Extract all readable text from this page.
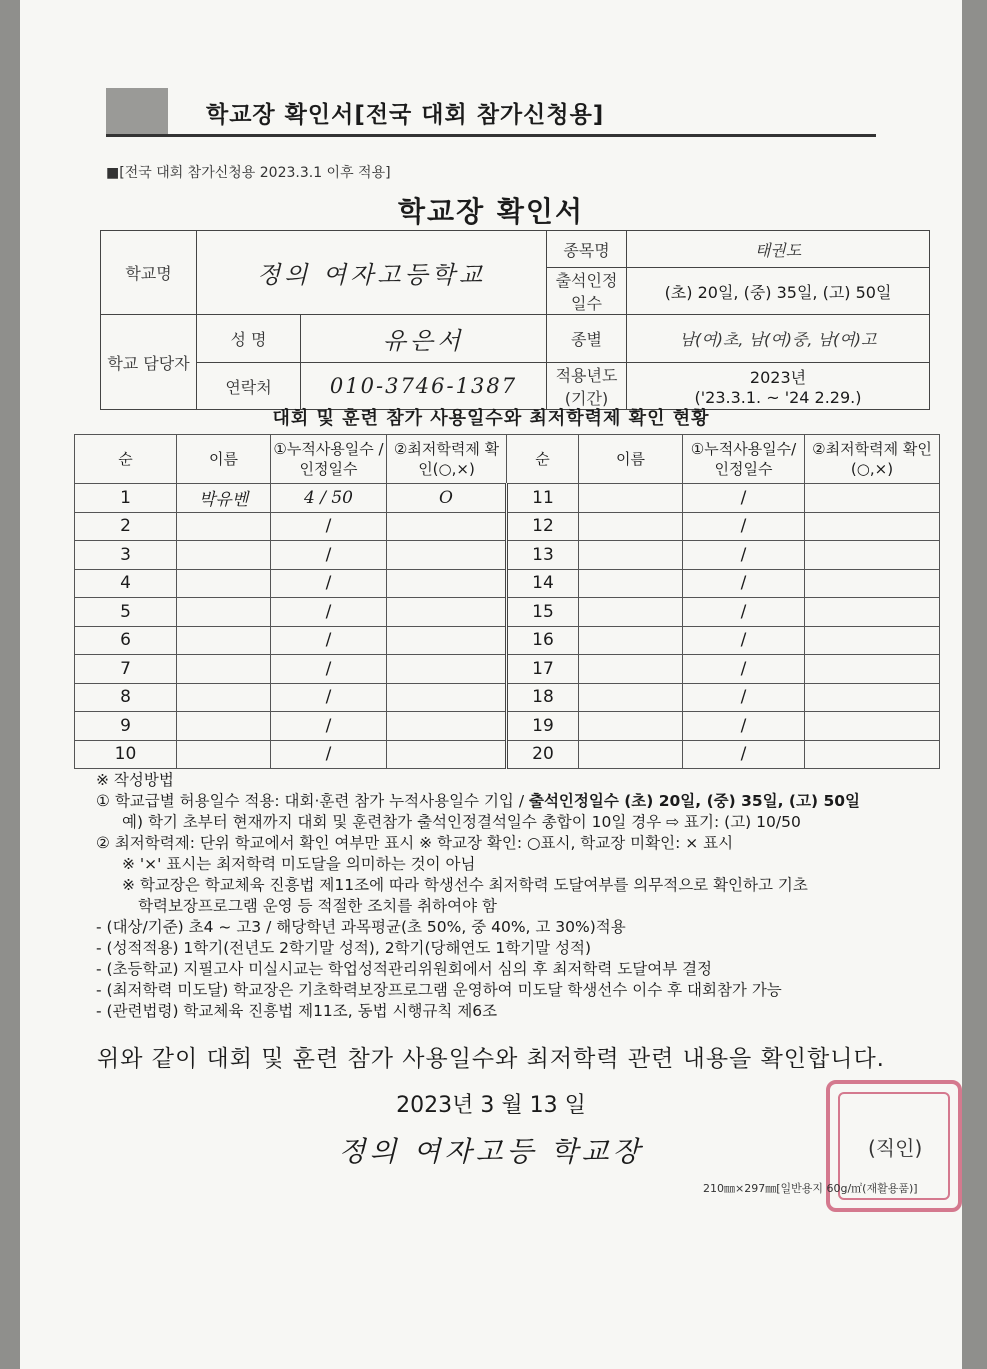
학교장 확인서[전국 대회 참가신청용]
■[전국 대회 참가신청용 2023.3.1 이후 적용]
학교장 확인서
학교명	정의 여자고등학교		종목명	태권도
			출석인정 일수	(초) 20일, (중) 35일, (고) 50일
학교 담당자	성 명	유은서	종별	남(여)초, 남(여)중, 남(여)고
	연락처	010-3746-1387	적용년도 (기간)	2023년
('23.3.1. ~ '24 2.29.)
대회 및 훈련 참가 사용일수와 최저학력제 확인 현황
순	이름	①누적사용일수 /인정일수	②최저학력제 확인(○,×)	순	이름	①누적사용일수/ 인정일수	②최저학력제 확인(○,×)
1	박유벤	4 / 50	O	11		/	
2		/		12		/	
3		/		13		/	
4		/		14		/	
5		/		15		/	
6		/		16		/	
7		/		17		/	
8		/		18		/	
9		/		19		/	
10		/		20		/	
※ 작성방법
① 학교급별 허용일수 적용: 대회·훈련 참가 누적사용일수 기입 / 출석인정일수 (초) 20일, (중) 35일, (고) 50일
예) 학기 초부터 현재까지 대회 및 훈련참가 출석인정결석일수 총합이 10일 경우 ⇨ 표기: (고) 10/50
② 최저학력제: 단위 학교에서 확인 여부만 표시 ※ 학교장 확인: ○표시, 학교장 미확인: × 표시
※ '×' 표시는 최저학력 미도달을 의미하는 것이 아님
※ 학교장은 학교체육 진흥법 제11조에 따라 학생선수 최저학력 도달여부를 의무적으로 확인하고 기초
학력보장프로그램 운영 등 적절한 조치를 취하여야 함
- (대상/기준) 초4 ~ 고3 / 해당학년 과목평균(초 50%, 중 40%, 고 30%)적용
- (성적적용) 1학기(전년도 2학기말 성적), 2학기(당해연도 1학기말 성적)
- (초등학교) 지필고사 미실시교는 학업성적관리위원회에서 심의 후 최저학력 도달여부 결정
- (최저학력 미도달) 학교장은 기초학력보장프로그램 운영하여 미도달 학생선수 이수 후 대회참가 가능
- (관련법령) 학교체육 진흥법 제11조, 동법 시행규칙 제6조
위와 같이 대회 및 훈련 참가 사용일수와 최저학력 관련 내용을 확인합니다.
2023년 3 월 13 일
정의 여자고등 학교장	(직인)
210㎜×297㎜[일반용지 60g/㎡(재활용품)]
